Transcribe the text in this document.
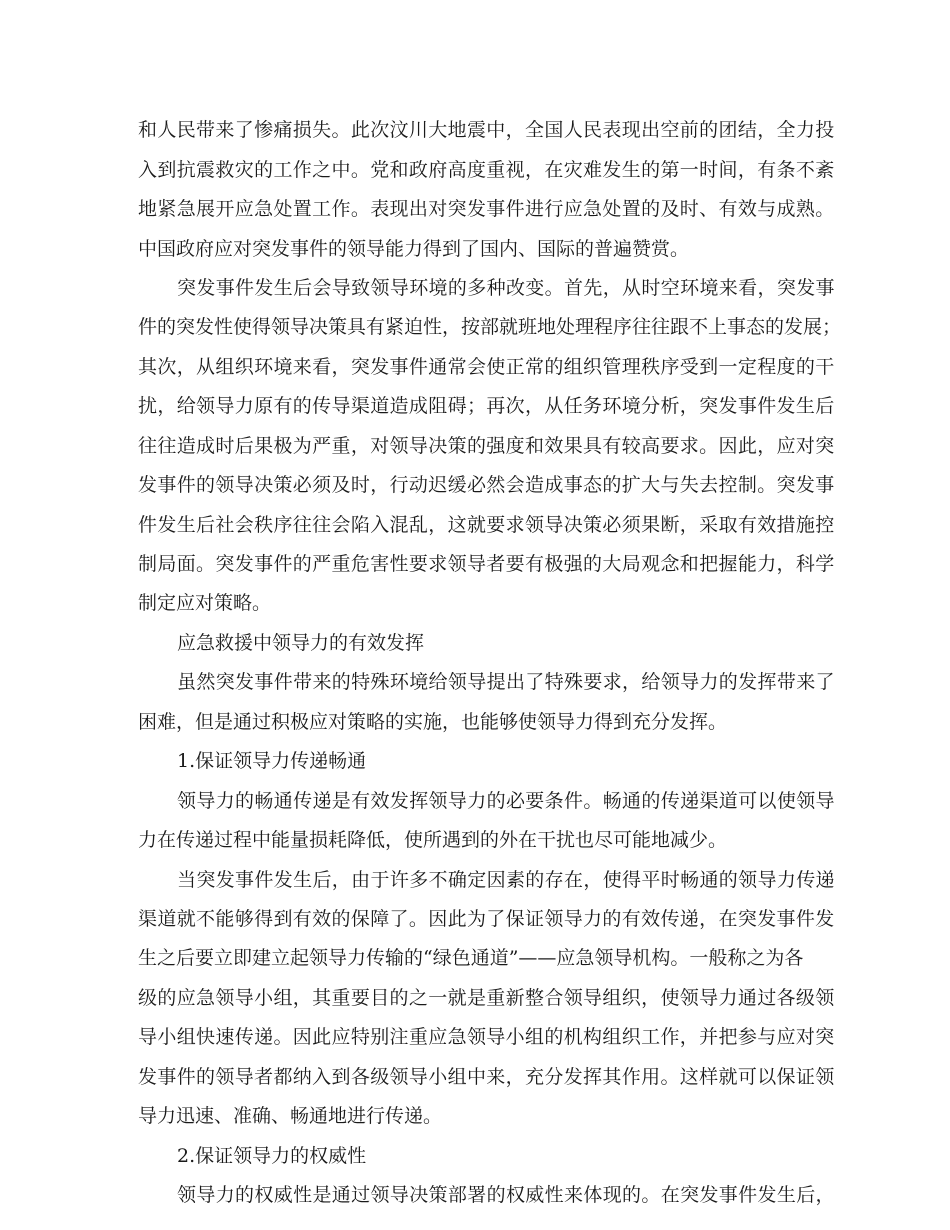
和人民带来了惨痛损失。此次汶川大地震中，全国人民表现出空前的团结，全力投

入到抗震救灾的工作之中。党和政府高度重视，在灾难发生的第一时间，有条不紊

地紧急展开应急处置工作。表现出对突发事件进行应急处置的及时、有效与成熟。

中国政府应对突发事件的领导能力得到了国内、国际的普遍赞赏。

突发事件发生后会导致领导环境的多种改变。首先，从时空环境来看，突发事

件的突发性使得领导决策具有紧迫性，按部就班地处理程序往往跟不上事态的发展；

其次，从组织环境来看，突发事件通常会使正常的组织管理秩序受到一定程度的干

扰，给领导力原有的传导渠道造成阻碍；再次，从任务环境分析，突发事件发生后

往往造成时后果极为严重，对领导决策的强度和效果具有较高要求。因此，应对突

发事件的领导决策必须及时，行动迟缓必然会造成事态的扩大与失去控制。突发事

件发生后社会秩序往往会陷入混乱，这就要求领导决策必须果断，采取有效措施控

制局面。突发事件的严重危害性要求领导者要有极强的大局观念和把握能力，科学

制定应对策略。

应急救援中领导力的有效发挥

虽然突发事件带来的特殊环境给领导提出了特殊要求，给领导力的发挥带来了

困难，但是通过积极应对策略的实施，也能够使领导力得到充分发挥。

1.保证领导力传递畅通

领导力的畅通传递是有效发挥领导力的必要条件。畅通的传递渠道可以使领导

力在传递过程中能量损耗降低，使所遇到的外在干扰也尽可能地减少。

当突发事件发生后，由于许多不确定因素的存在，使得平时畅通的领导力传递

渠道就不能够得到有效的保障了。因此为了保证领导力的有效传递，在突发事件发

生之后要立即建立起领导力传输的“绿色通道”——应急领导机构。一般称之为各

级的应急领导小组，其重要目的之一就是重新整合领导组织，使领导力通过各级领

导小组快速传递。因此应特别注重应急领导小组的机构组织工作，并把参与应对突

发事件的领导者都纳入到各级领导小组中来，充分发挥其作用。这样就可以保证领

导力迅速、准确、畅通地进行传递。

2.保证领导力的权威性

领导力的权威性是通过领导决策部署的权威性来体现的。在突发事件发生后，
